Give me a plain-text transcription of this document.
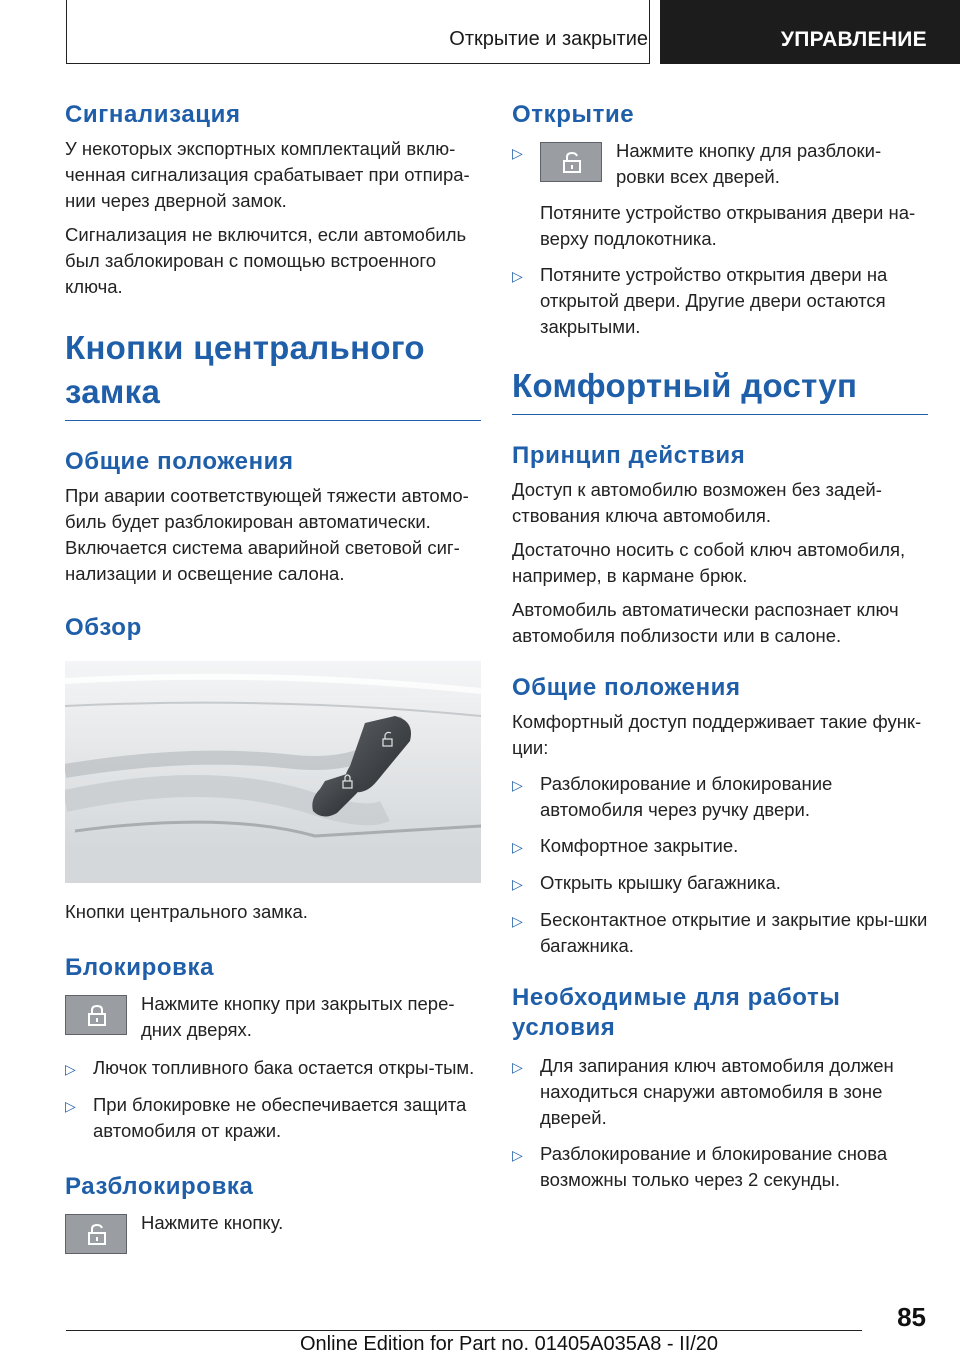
Открытие и закрытие	УПРАВЛЕНИЕ
Сигнализация
У некоторых экспортных комплектаций вклю-ченная сигнализация срабатывает при отпира-нии через дверной замок.
Сигнализация не включится, если автомобиль был заблокирован с помощью встроенного ключа.
Кнопки центрального замка
Общие положения
При аварии соответствующей тяжести автомо-биль будет разблокирован автоматически. Включается система аварийной световой сиг-нализации и освещение салона.
Обзор
Кнопки центрального замка.
Блокировка
Нажмите кнопку при закрытых пере-дних дверях.
▷ Лючок топливного бака остается откры-тым.
▷ При блокировке не обеспечивается защита автомобиля от кражи.
Разблокировка
Нажмите кнопку.
Открытие
▷	Нажмите кнопку для разблоки-ровки всех дверей.
Потяните устройство открывания двери на-верху подлокотника.
▷ Потяните устройство открытия двери на открытой двери. Другие двери остаются закрытыми.
Комфортный доступ
Принцип действия
Доступ к автомобилю возможен без задей-ствования ключа автомобиля.
Достаточно носить с собой ключ автомобиля, например, в кармане брюк.
Автомобиль автоматически распознает ключ автомобиля поблизости или в салоне.
Общие положения
Комфортный доступ поддерживает такие функ-ции:
▷ Разблокирование и блокирование автомобиля через ручку двери.
▷ Комфортное закрытие.
▷ Открыть крышку багажника.
▷ Бесконтактное открытие и закрытие кры-шки багажника.
Необходимые для работы условия
▷ Для запирания ключ автомобиля должен находиться снаружи автомобиля в зоне дверей.
▷ Разблокирование и блокирование снова возможны только через 2 секунды.
85
Online Edition for Part no. 01405A035A8 - II/20
